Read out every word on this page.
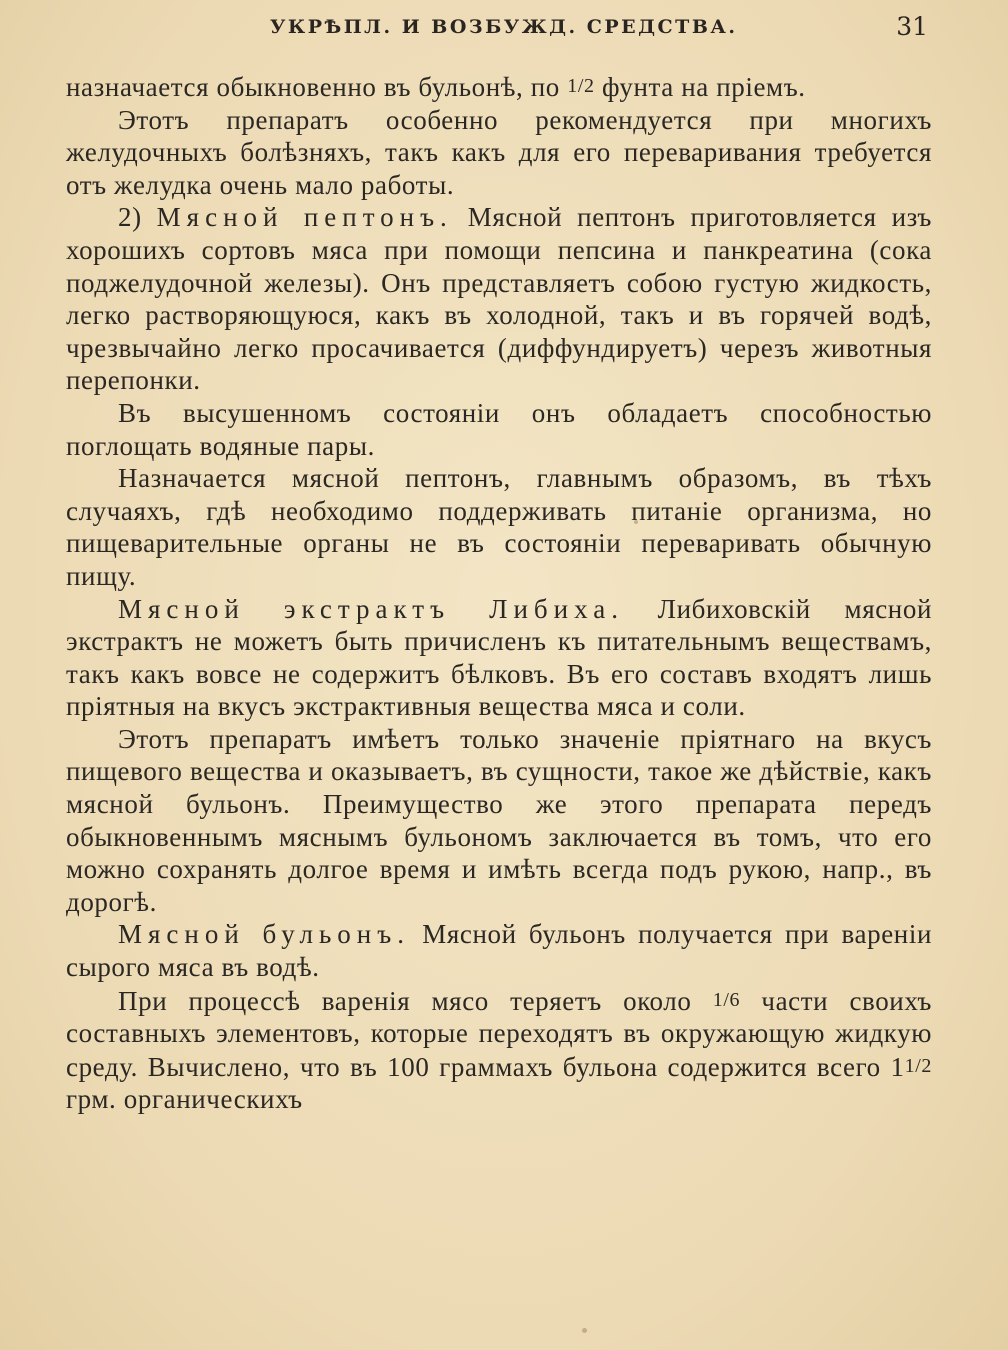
УКРѢПЛ. И ВОЗБУЖД. СРЕДСТВА.	31

назначается обыкновенно въ бульонѣ, по 1/2 фунта на пріемъ.

Этотъ препаратъ особенно рекомендуется при многихъ желудочныхъ болѣзняхъ, такъ какъ для его переваривания требуется отъ желудка очень мало работы.

2) Мясной пептонъ. Мясной пептонъ приготовляется изъ хорошихъ сортовъ мяса при помощи пепсина и панкреатина (сока поджелудочной железы). Онъ представляетъ собою густую жидкость, легко растворяющуюся, какъ въ холодной, такъ и въ горячей водѣ, чрезвычайно легко просачивается (диффундируетъ) черезъ животныя перепонки.

Въ высушенномъ состояніи онъ обладаетъ способностью поглощать водяные пары.

Назначается мясной пептонъ, главнымъ образомъ, въ тѣхъ случаяхъ, гдѣ необходимо поддерживать питаніе организма, но пищеварительные органы не въ состояніи переваривать обычную пищу.

Мясной экстрактъ Либиха. Либиховскій мясной экстрактъ не можетъ быть причисленъ къ питательнымъ веществамъ, такъ какъ вовсе не содержитъ бѣлковъ. Въ его составъ входятъ лишь пріятныя на вкусъ экстрактивныя вещества мяса и соли.

Этотъ препаратъ имѣетъ только значеніе пріятнаго на вкусъ пищевого вещества и оказываетъ, въ сущности, такое же дѣйствіе, какъ мясной бульонъ. Преимущество же этого препарата передъ обыкновеннымъ мяснымъ бульономъ заключается въ томъ, что его можно сохранять долгое время и имѣть всегда подъ рукою, напр., въ дорогѣ.

Мясной бульонъ. Мясной бульонъ получается при вареніи сырого мяса въ водѣ.

При процессѣ варенія мясо теряетъ около 1/6 части своихъ составныхъ элементовъ, которые переходятъ въ окружающую жидкую среду. Вычислено, что въ 100 граммахъ бульона содержится всего 11/2 грм. органическихъ
